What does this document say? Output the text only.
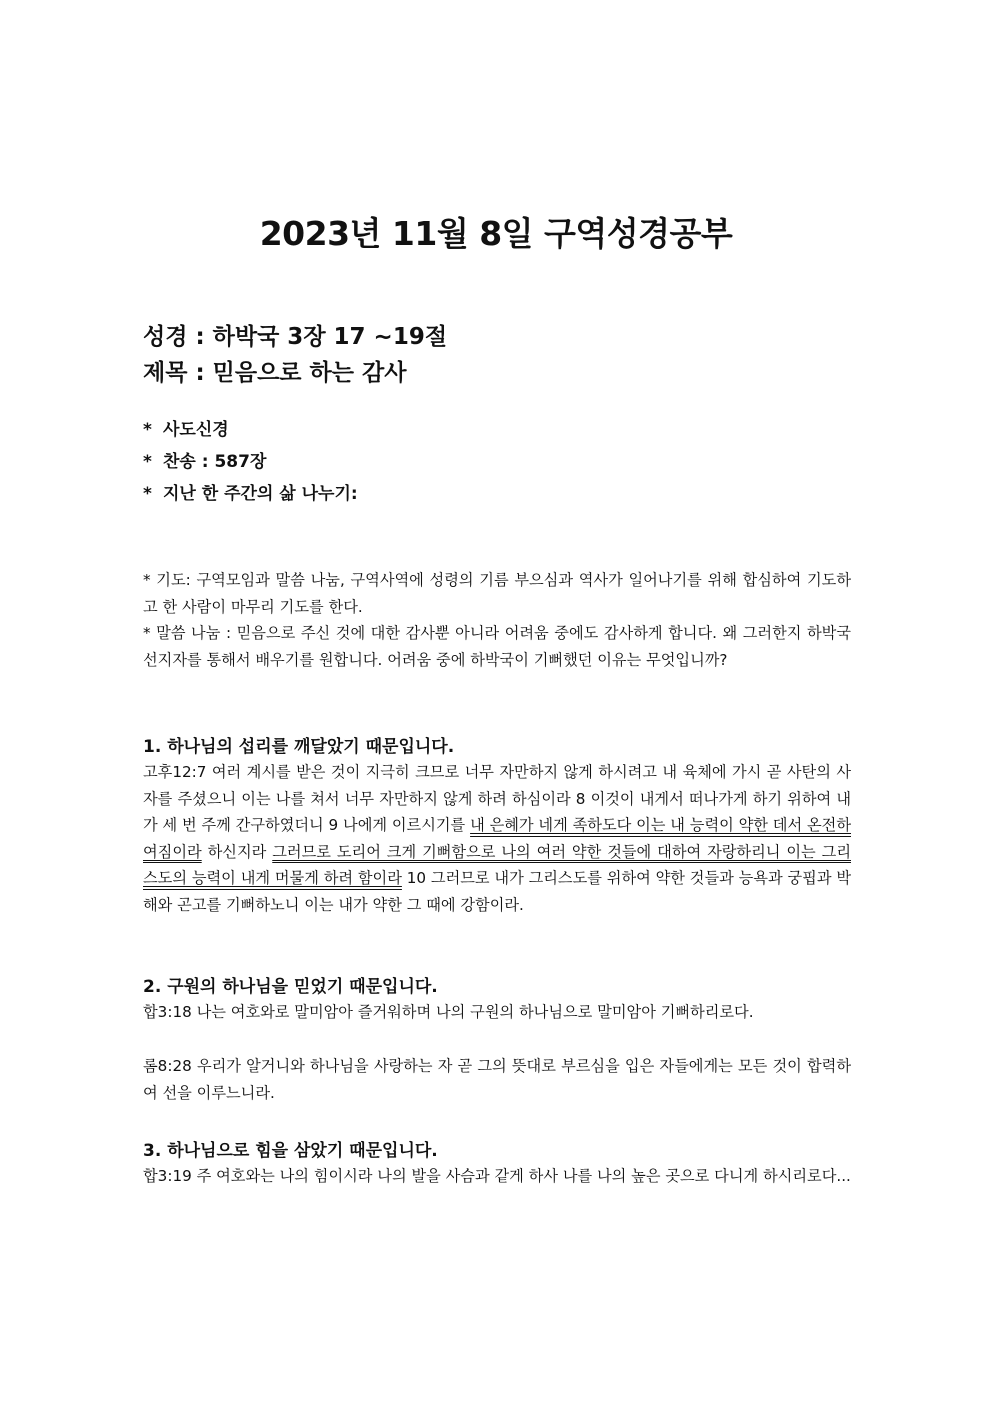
2023년 11월 8일 구역성경공부
성경 : 하박국 3장 17 ~19절
제목 : 믿음으로 하는 감사
* 사도신경
* 찬송 : 587장
* 지난 한 주간의 삶 나누기:

* 기도: 구역모임과 말씀 나눔, 구역사역에 성령의 기름 부으심과 역사가 일어나기를 위해 합심하여 기도하고 한 사람이 마무리 기도를 한다.

* 말씀 나눔 : 믿음으로 주신 것에 대한 감사뿐 아니라 어려움 중에도 감사하게 합니다. 왜 그러한지 하박국 선지자를 통해서 배우기를 원합니다. 어려움 중에 하박국이 기뻐했던 이유는 무엇입니까?

1. 하나님의 섭리를 깨달았기 때문입니다.

고후12:7 여러 계시를 받은 것이 지극히 크므로 너무 자만하지 않게 하시려고 내 육체에 가시 곧 사탄의 사자를 주셨으니 이는 나를 쳐서 너무 자만하지 않게 하려 하심이라 8 이것이 내게서 떠나가게 하기 위하여 내가 세 번 주께 간구하였더니 9 나에게 이르시기를 내 은혜가 네게 족하도다 이는 내 능력이 약한 데서 온전하여짐이라 하신지라 그러므로 도리어 크게 기뻐함으로 나의 여러 약한 것들에 대하여 자랑하리니 이는 그리스도의 능력이 내게 머물게 하려 함이라 10 그러므로 내가 그리스도를 위하여 약한 것들과 능욕과 궁핍과 박해와 곤고를 기뻐하노니 이는 내가 약한 그 때에 강함이라.

2. 구원의 하나님을 믿었기 때문입니다.

합3:18 나는 여호와로 말미암아 즐거워하며 나의 구원의 하나님으로 말미암아 기뻐하리로다.

롬8:28 우리가 알거니와 하나님을 사랑하는 자 곧 그의 뜻대로 부르심을 입은 자들에게는 모든 것이 합력하여 선을 이루느니라.

3. 하나님으로 힘을 삼았기 때문입니다.

합3:19 주 여호와는 나의 힘이시라 나의 발을 사슴과 같게 하사 나를 나의 높은 곳으로 다니게 하시리로다...
